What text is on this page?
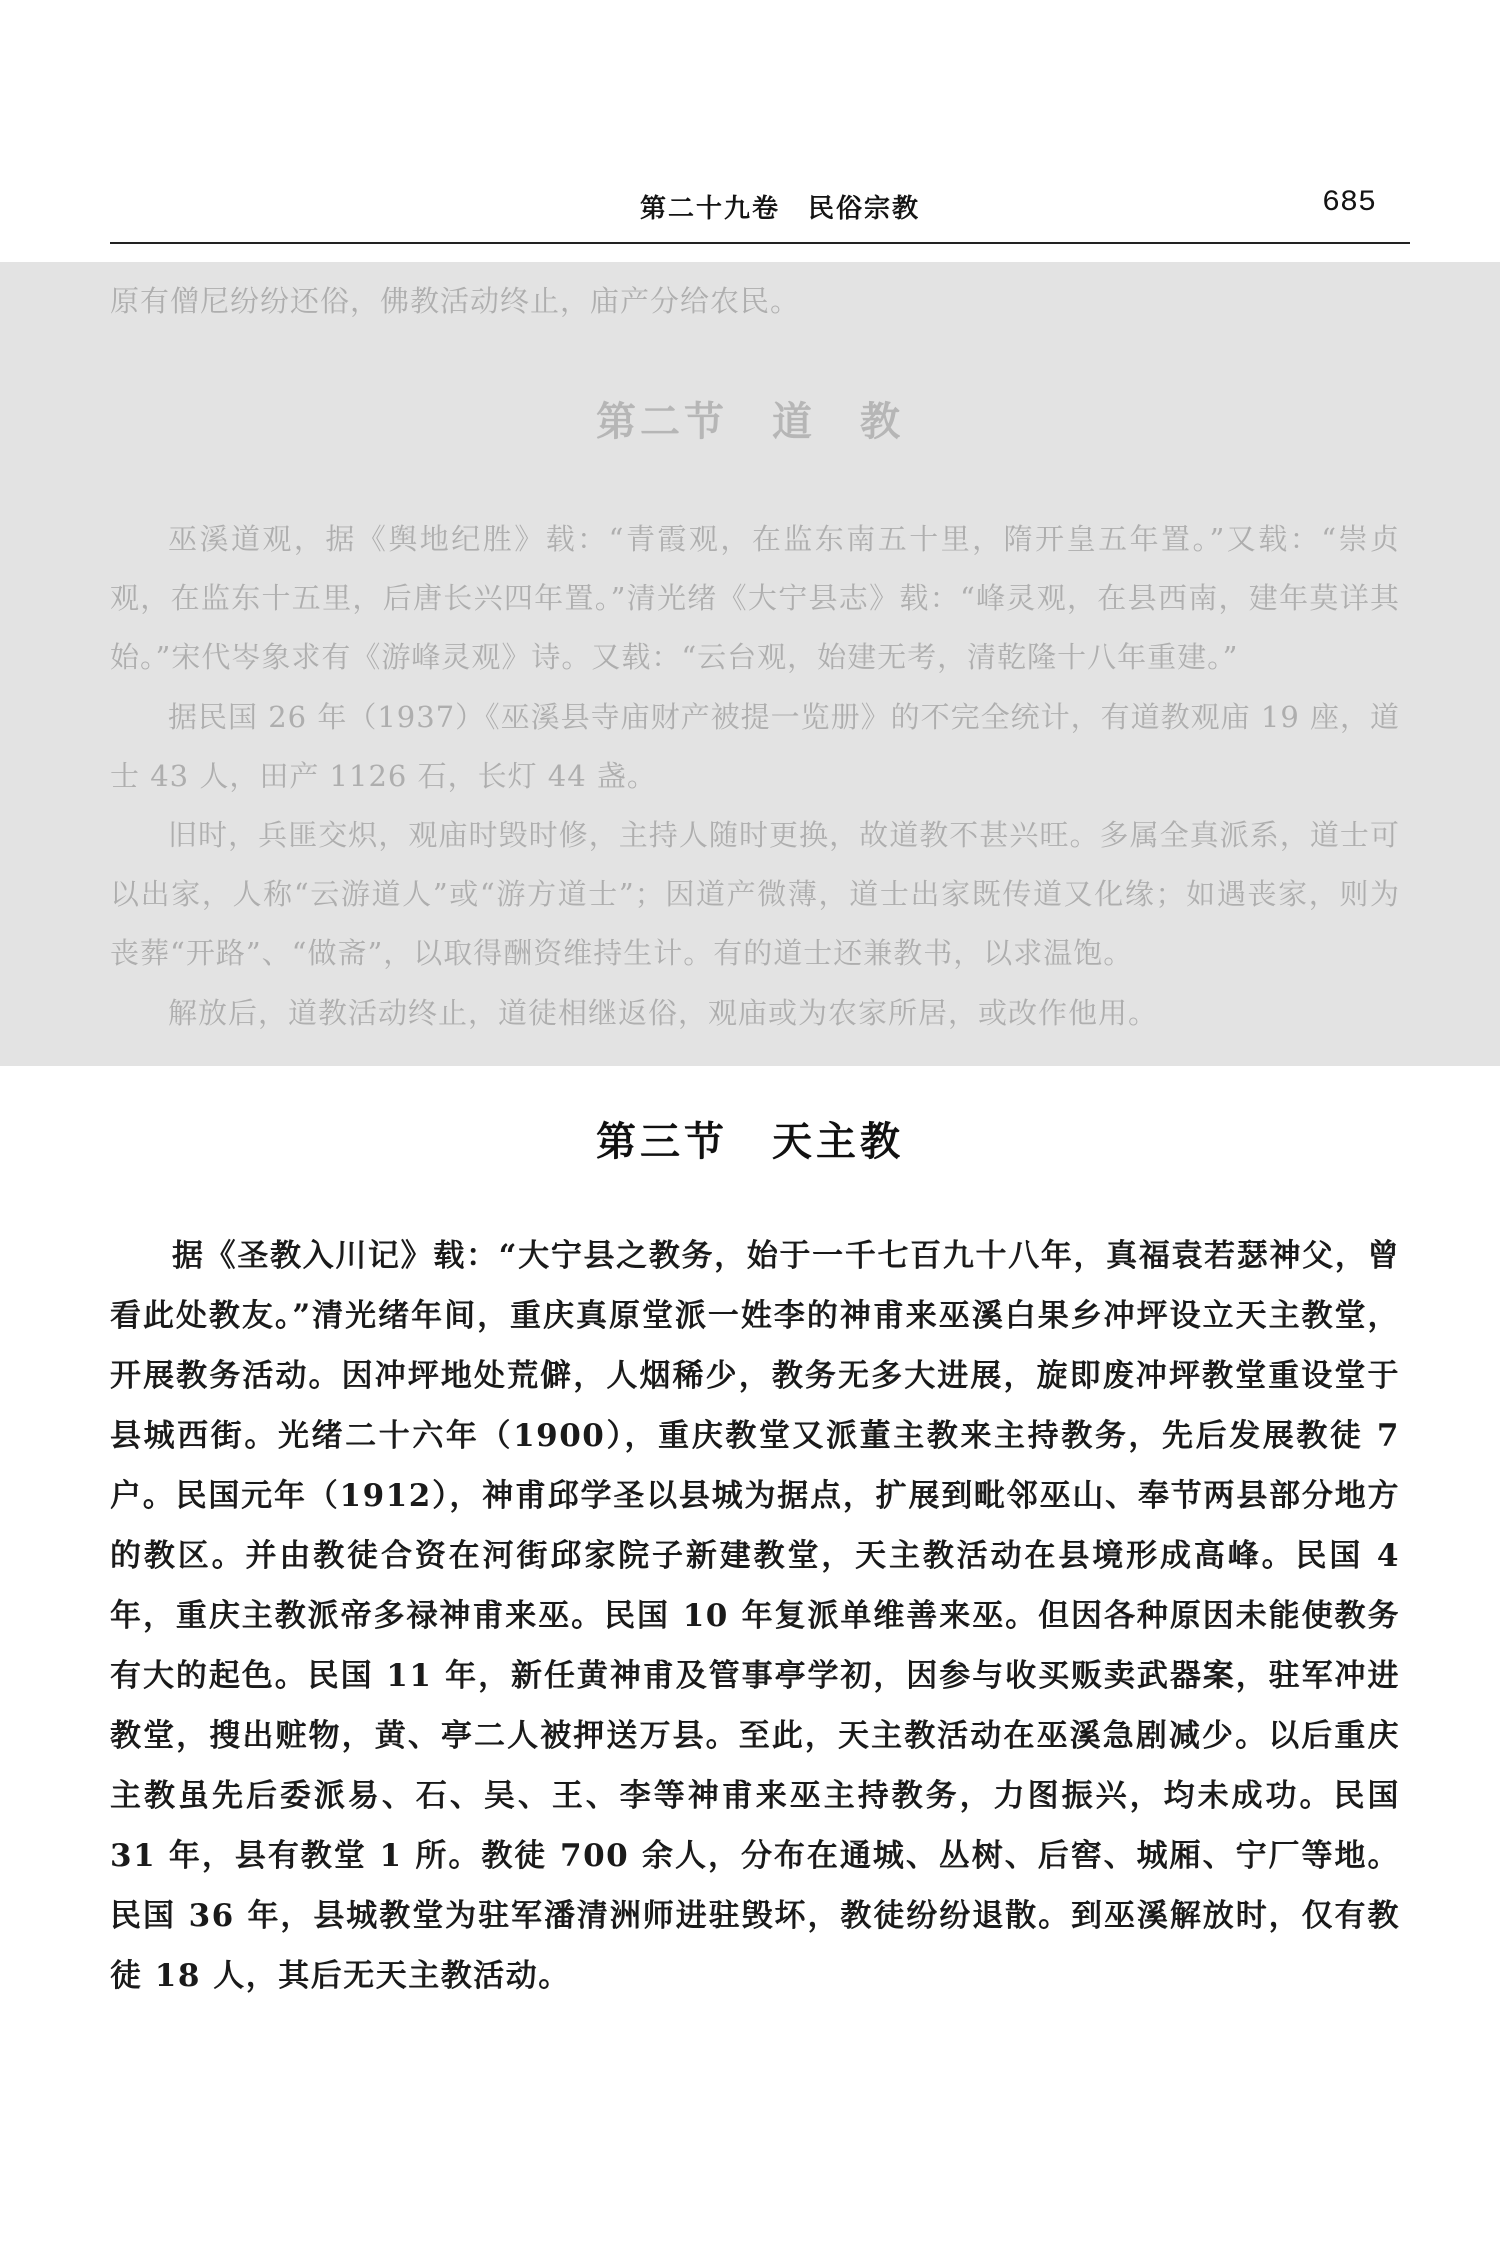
第二十九卷　民俗宗教	685

原有僧尼纷纷还俗，佛教活动终止，庙产分给农民。

第二节　道　教

巫溪道观，据《舆地纪胜》载：“青霞观，在监东南五十里，隋开皇五年置。”又载：“崇贞观，在监东十五里，后唐长兴四年置。”清光绪《大宁县志》载：“峰灵观，在县西南，建年莫详其始。”宋代岑象求有《游峰灵观》诗。又载：“云台观，始建无考，清乾隆十八年重建。”

据民国 26 年（1937）《巫溪县寺庙财产被提一览册》的不完全统计，有道教观庙 19 座，道士 43 人，田产 1126 石，长灯 44 盏。

旧时，兵匪交炽，观庙时毁时修，主持人随时更换，故道教不甚兴旺。多属全真派系，道士可以出家，人称“云游道人”或“游方道士”；因道产微薄，道士出家既传道又化缘；如遇丧家，则为丧葬“开路”、“做斋”，以取得酬资维持生计。有的道士还兼教书，以求温饱。

解放后，道教活动终止，道徒相继返俗，观庙或为农家所居，或改作他用。

第三节　天主教

据《圣教入川记》载：“大宁县之教务，始于一千七百九十八年，真福袁若瑟神父，曾看此处教友。”清光绪年间，重庆真原堂派一姓李的神甫来巫溪白果乡冲坪设立天主教堂，开展教务活动。因冲坪地处荒僻，人烟稀少，教务无多大进展，旋即废冲坪教堂重设堂于县城西街。光绪二十六年（1900），重庆教堂又派董主教来主持教务，先后发展教徒 7 户。民国元年（1912），神甫邱学圣以县城为据点，扩展到毗邻巫山、奉节两县部分地方的教区。并由教徒合资在河街邱家院子新建教堂，天主教活动在县境形成高峰。民国 4 年，重庆主教派帝多禄神甫来巫。民国 10 年复派单维善来巫。但因各种原因未能使教务有大的起色。民国 11 年，新任黄神甫及管事亭学初，因参与收买贩卖武器案，驻军冲进教堂，搜出赃物，黄、亭二人被押送万县。至此，天主教活动在巫溪急剧减少。以后重庆主教虽先后委派易、石、吴、王、李等神甫来巫主持教务，力图振兴，均未成功。民国 31 年，县有教堂 1 所。教徒 700 余人，分布在通城、丛树、后窖、城厢、宁厂等地。民国 36 年，县城教堂为驻军潘清洲师进驻毁坏，教徒纷纷退散。到巫溪解放时，仅有教徒 18 人，其后无天主教活动。
